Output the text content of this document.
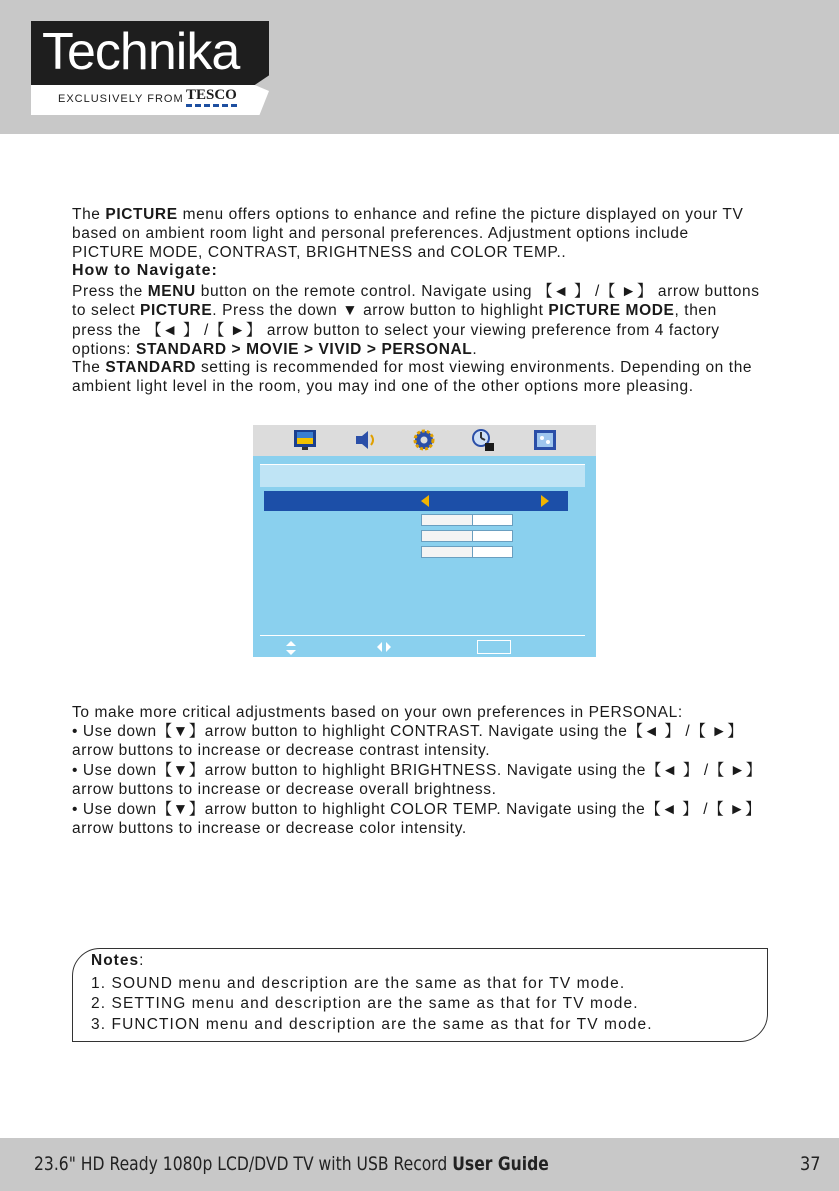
Technika
EXCLUSIVELY FROM TESCO
The PICTURE menu offers options to enhance and refine the picture displayed on your TV
based on ambient room light and personal preferences. Adjustment options include
PICTURE MODE, CONTRAST, BRIGHTNESS and COLOR TEMP..
How to Navigate:
Press the MENU button on the remote control. Navigate using 【◄ 】 /【 ►】 arrow buttons
to select PICTURE. Press the down ▼ arrow button to highlight PICTURE MODE, then
press the 【◄ 】 /【 ►】 arrow button to select your viewing preference from 4 factory
options: STANDARD > MOVIE > VIVID > PERSONAL.
The STANDARD setting is recommended for most viewing environments. Depending on the
ambient light level in the room, you may ind one of the other options more pleasing.
To make more critical adjustments based on your own preferences in PERSONAL:
• Use down【▼】arrow button to highlight CONTRAST. Navigate using the【◄ 】 /【 ►】
arrow buttons to increase or decrease contrast intensity.
• Use down【▼】arrow button to highlight BRIGHTNESS. Navigate using the【◄ 】 /【 ►】
arrow buttons to increase or decrease overall brightness.
• Use down【▼】arrow button to highlight COLOR TEMP. Navigate using the【◄ 】 /【 ►】
arrow buttons to increase or decrease color intensity.
Notes:
1. SOUND menu and description are the same as that for TV mode.
2. SETTING menu and description are the same as that for TV mode.
3. FUNCTION menu and description are the same as that for TV mode.
23.6" HD Ready 1080p LCD/DVD TV with USB Record User Guide	37
